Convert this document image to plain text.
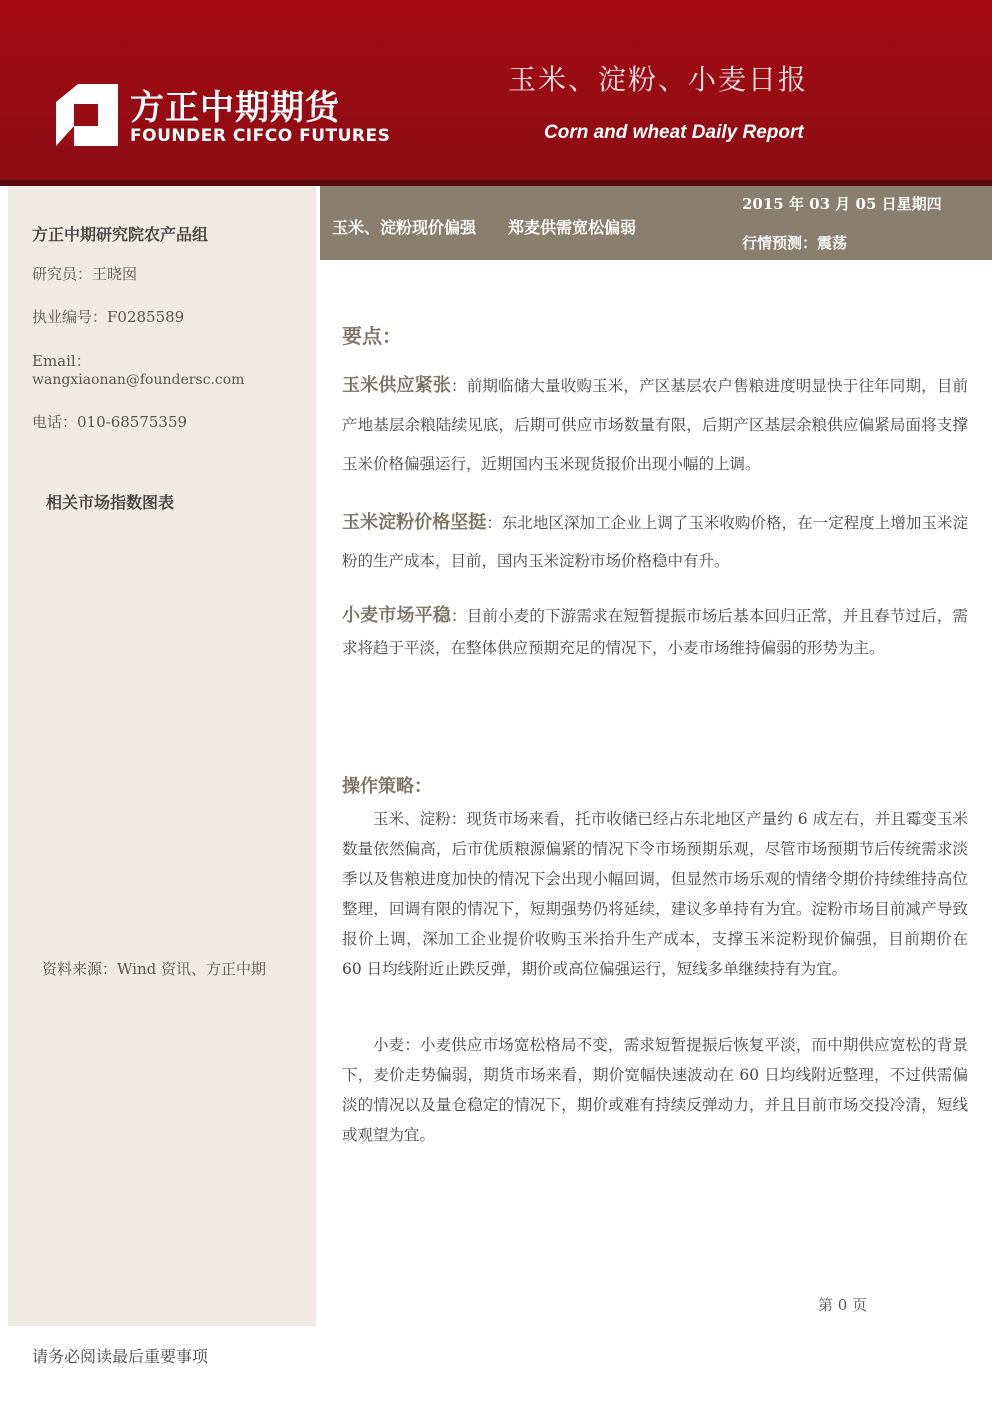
方正中期期货
FOUNDER CIFCO FUTURES
玉米、淀粉、小麦日报
Corn and wheat Daily Report
方正中期研究院农产品组
研究员：王晓囡
执业编号：F0285589
Email：
wangxiaonan@foundersc.com
电话：010-68575359
相关市场指数图表
资料来源：Wind 资讯、方正中期
玉米、淀粉现价偏强　　郑麦供需宽松偏弱
2015 年 03 月 05 日星期四
行情预测：震荡
要点：
玉米供应紧张：前期临储大量收购玉米，产区基层农户售粮进度明显快于往年同期，目前产地基层余粮陆续见底，后期可供应市场数量有限，后期产区基层余粮供应偏紧局面将支撑玉米价格偏强运行，近期国内玉米现货报价出现小幅的上调。
玉米淀粉价格坚挺：东北地区深加工企业上调了玉米收购价格，在一定程度上增加玉米淀粉的生产成本，目前，国内玉米淀粉市场价格稳中有升。
小麦市场平稳：目前小麦的下游需求在短暂提振市场后基本回归正常，并且春节过后，需求将趋于平淡，在整体供应预期充足的情况下，小麦市场维持偏弱的形势为主。
操作策略：
玉米、淀粉：现货市场来看，托市收储已经占东北地区产量约 6 成左右，并且霉变玉米数量依然偏高，后市优质粮源偏紧的情况下令市场预期乐观，尽管市场预期节后传统需求淡季以及售粮进度加快的情况下会出现小幅回调，但显然市场乐观的情绪令期价持续维持高位整理，回调有限的情况下，短期强势仍将延续，建议多单持有为宜。淀粉市场目前减产导致报价上调，深加工企业提价收购玉米抬升生产成本，支撑玉米淀粉现价偏强，目前期价在 60 日均线附近止跌反弹，期价或高位偏强运行，短线多单继续持有为宜。
小麦：小麦供应市场宽松格局不变，需求短暂提振后恢复平淡，而中期供应宽松的背景下，麦价走势偏弱，期货市场来看，期价宽幅快速波动在 60 日均线附近整理，不过供需偏淡的情况以及量仓稳定的情况下，期价或难有持续反弹动力，并且目前市场交投冷清，短线或观望为宜。
第 0 页
请务必阅读最后重要事项
